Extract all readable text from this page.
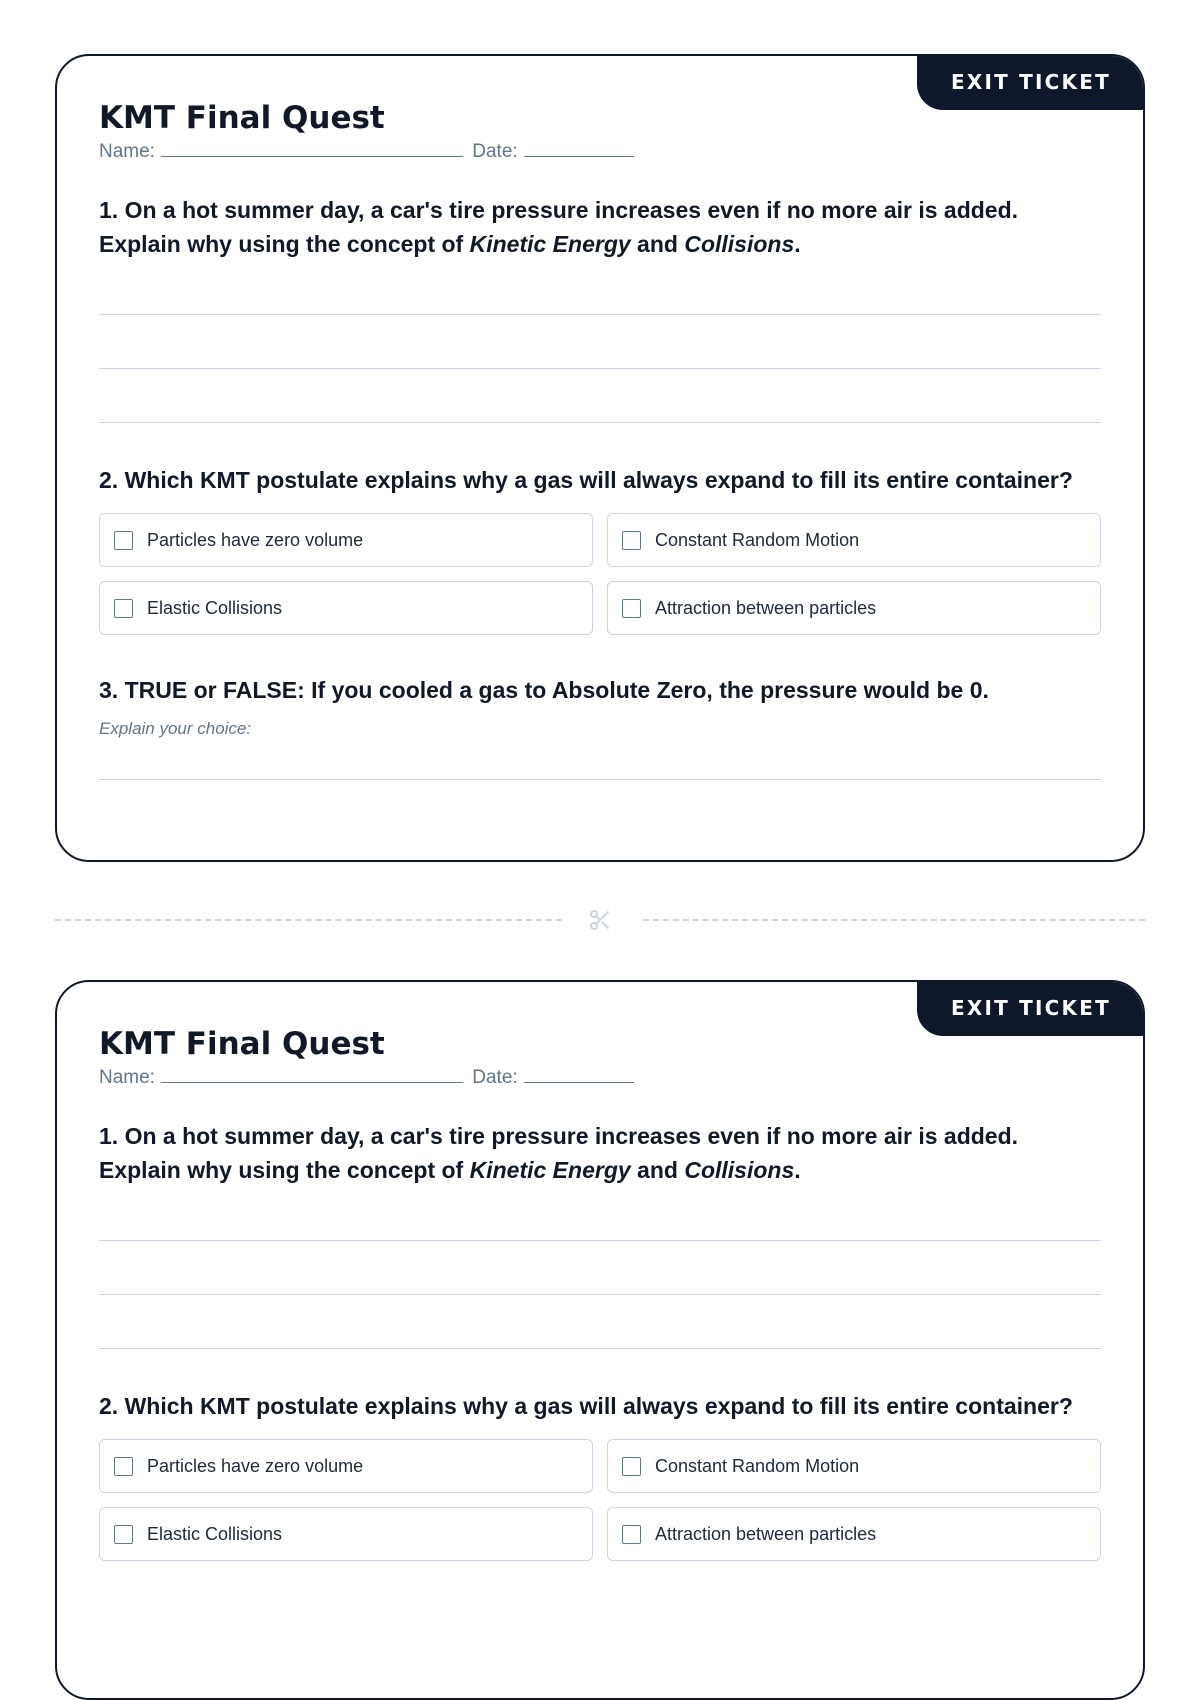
EXIT TICKET
KMT Final Quest
Name:	Date:
1. On a hot summer day, a car's tire pressure increases even if no more air is added. Explain why using the concept of Kinetic Energy and Collisions.
2. Which KMT postulate explains why a gas will always expand to fill its entire container?
Particles have zero volume	Constant Random Motion
Elastic Collisions	Attraction between particles
3. TRUE or FALSE: If you cooled a gas to Absolute Zero, the pressure would be 0.
Explain your choice:
EXIT TICKET
KMT Final Quest
Name:	Date:
1. On a hot summer day, a car's tire pressure increases even if no more air is added. Explain why using the concept of Kinetic Energy and Collisions.
2. Which KMT postulate explains why a gas will always expand to fill its entire container?
Particles have zero volume	Constant Random Motion
Elastic Collisions	Attraction between particles
